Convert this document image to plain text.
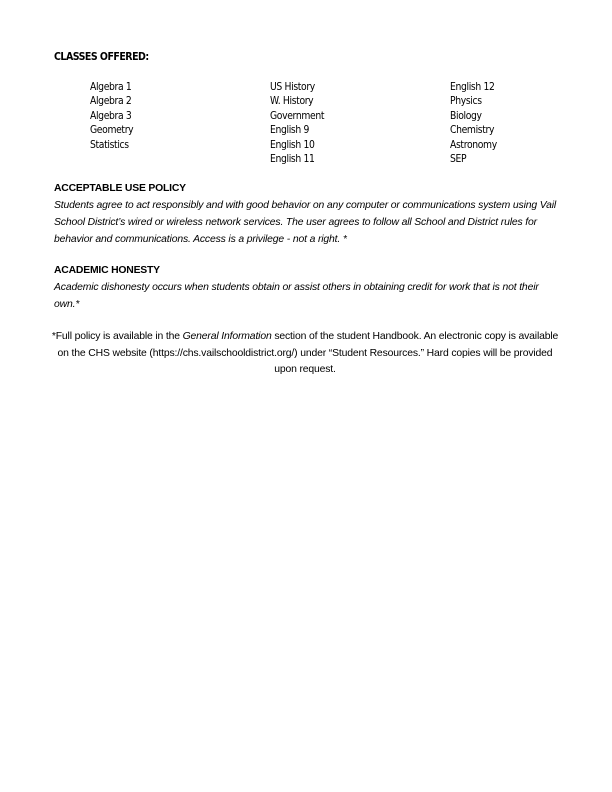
CLASSES OFFERED:
Algebra 1
Algebra 2
Algebra 3
Geometry
Statistics
US History
W. History
Government
English 9
English 10
English 11
English 12
Physics
Biology
Chemistry
Astronomy
SEP
ACCEPTABLE USE POLICY
Students agree to act responsibly and with good behavior on any computer or communications system using Vail School District’s wired or wireless network services. The user agrees to follow all School and District rules for behavior and communications. Access is a privilege - not a right. *
ACADEMIC HONESTY
Academic dishonesty occurs when students obtain or assist others in obtaining credit for work that is not their own.*
*Full policy is available in the General Information section of the student Handbook. An electronic copy is available on the CHS website (https://chs.vailschooldistrict.org/) under “Student Resources.” Hard copies will be provided upon request.
